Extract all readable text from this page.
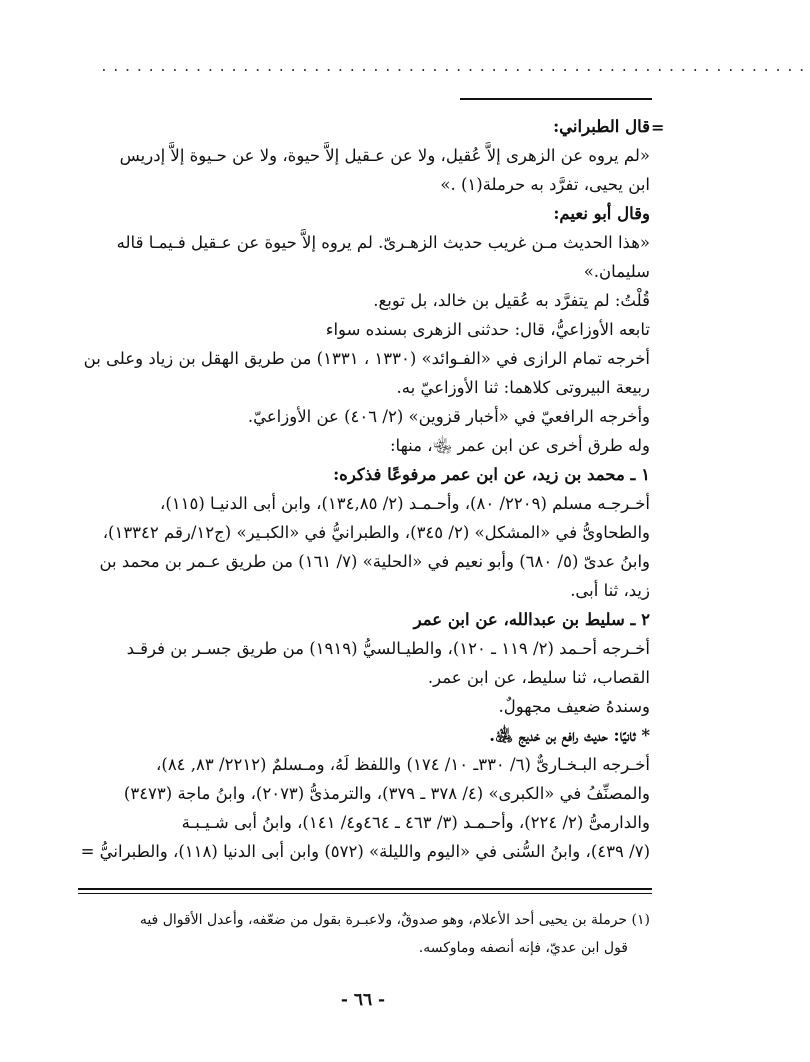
............................................................
=

قال الطبراني:

«لم يروه عن الزهرى إلاَّ عُقيل، ولا عن عـقيل إلاَّ حيوة، ولا عن حـيوة إلاَّ إدريس

ابن يحيى، تفرَّد به حرملة(١) .»

وقال أبو نعيم:

«هذا الحديث مـن غريب حديث الزهـرىّ. لم يروه إلاَّ حيوة عن عـقيل فـيمـا قاله

سليمان.»

قُلْتُ: لم يتفرَّد به عُقيل بن خالد، بل توبع.

تابعه الأوزاعيُّ، قال: حدثنى الزهرى بسنده سواء

أخرجه تمام الرازى في «الفـوائد» (١٣٣٠ ، ١٣٣١) من طريق الهقل بن زياد وعلى بن

ربيعة البيروتى كلاهما: ثنا الأوزاعيّ به.

وأخرجه الرافعيّ في «أخبار قزوين» (٢/ ٤٠٦) عن الأوزاعيّ.

وله طرق أخرى عن ابن عمر ﵄، منها:

١ ـ محمد بن زيد، عن ابن عمر مرفوعًا فذكره:

أخـرجـه مسلم (٢٢٠٩/ ٨٠)، وأحـمـد (٢/ ١٣٤,٨٥)، وابن أبى الدنيـا (١١٥)،

والطحاوىُّ في «المشكل» (٢/ ٣٤٥)، والطبرانيُّ في «الكبـير» (ج١٢/رقم ١٣٣٤٢)،

وابنُ عدىّ (٥/ ٦٨٠) وأبو نعيم في «الحلية» (٧/ ١٦١) من طريق عـمر بن محمد بن

زيد، ثنا أبى.

٢ ـ سليط بن عبدالله، عن ابن عمر

أخـرجه أحـمد (٢/ ١١٩ ـ ١٢٠)، والطيـالسيُّ (١٩١٩) من طريق جسـر بن فرقـد

القصاب، ثنا سليط، عن ابن عمر.

وسندهُ ضعيف مجهولٌ.

* ثانيًا: حديث رافع بن خديج ﵁.

أخـرجه البـخـارىٌّ (٦/ ٣٣٠ـ ١٠/ ١٧٤) واللفظ لَهُ، ومـسلمٌ (٢٢١٢/ ٨٣, ٨٤)،

والمصنِّفُ في «الكبرى» (٤/ ٣٧٨ ـ ٣٧٩)، والترمذىُّ (٢٠٧٣)، وابنُ ماجة (٣٤٧٣)

والدارمىُّ (٢/ ٢٢٤)، وأحـمـد (٣/ ٤٦٣ ـ ٤٦٤و٤/ ١٤١)، وابنُ أبى شـيـبـة

(٧/ ٤٣٩)، وابنُ السُّنى في «اليوم والليلة» (٥٧٢) وابن أبى الدنيا (١١٨)، والطبرانيُّ =

(١) حرملة بن يحيى أحد الأعلام، وهو صدوقٌ، ولاعبـرة بقول من ضعّفه، وأعدل الأقوال فيه

قول ابن عديّ، فإنه أنصفه وماوكسه.

- ٦٦ -
